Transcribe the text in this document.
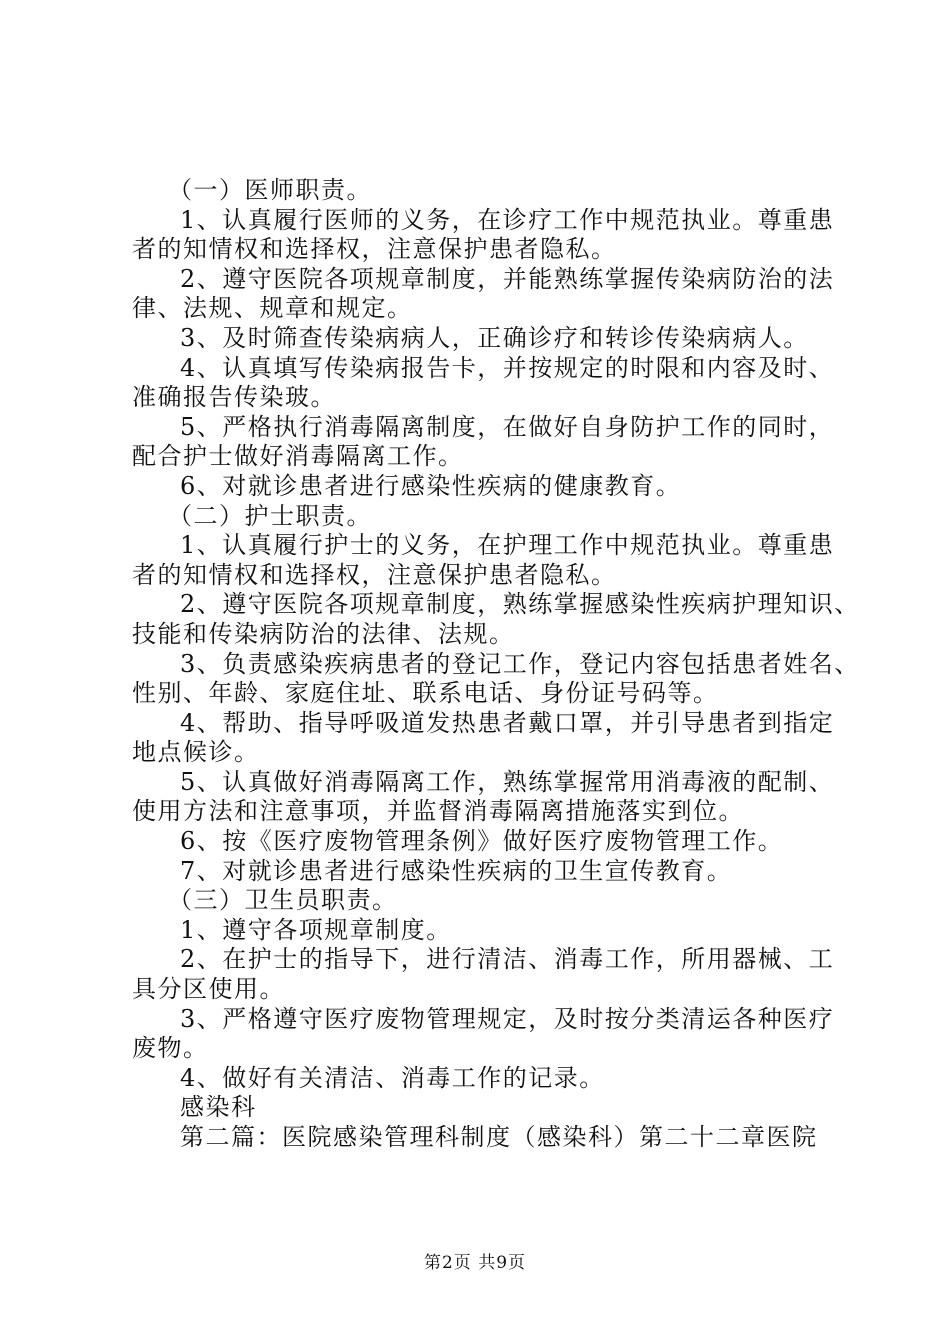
（一）医师职责。
1、认真履行医师的义务，在诊疗工作中规范执业。尊重患
者的知情权和选择权，注意保护患者隐私。
2、遵守医院各项规章制度，并能熟练掌握传染病防治的法
律、法规、规章和规定。
3、及时筛查传染病病人，正确诊疗和转诊传染病病人。
4、认真填写传染病报告卡，并按规定的时限和内容及时、
准确报告传染玻。
5、严格执行消毒隔离制度，在做好自身防护工作的同时，
配合护士做好消毒隔离工作。
6、对就诊患者进行感染性疾病的健康教育。
（二）护士职责。
1、认真履行护士的义务，在护理工作中规范执业。尊重患
者的知情权和选择权，注意保护患者隐私。
2、遵守医院各项规章制度，熟练掌握感染性疾病护理知识、
技能和传染病防治的法律、法规。
3、负责感染疾病患者的登记工作，登记内容包括患者姓名、
性别、年龄、家庭住址、联系电话、身份证号码等。
4、帮助、指导呼吸道发热患者戴口罩，并引导患者到指定
地点候诊。
5、认真做好消毒隔离工作，熟练掌握常用消毒液的配制、
使用方法和注意事项，并监督消毒隔离措施落实到位。
6、按《医疗废物管理条例》做好医疗废物管理工作。
7、对就诊患者进行感染性疾病的卫生宣传教育。
（三）卫生员职责。
1、遵守各项规章制度。
2、在护士的指导下，进行清洁、消毒工作，所用器械、工
具分区使用。
3、严格遵守医疗废物管理规定，及时按分类清运各种医疗
废物。
4、做好有关清洁、消毒工作的记录。
感染科
第二篇：医院感染管理科制度（感染科）第二十二章医院
第2页 共9页
